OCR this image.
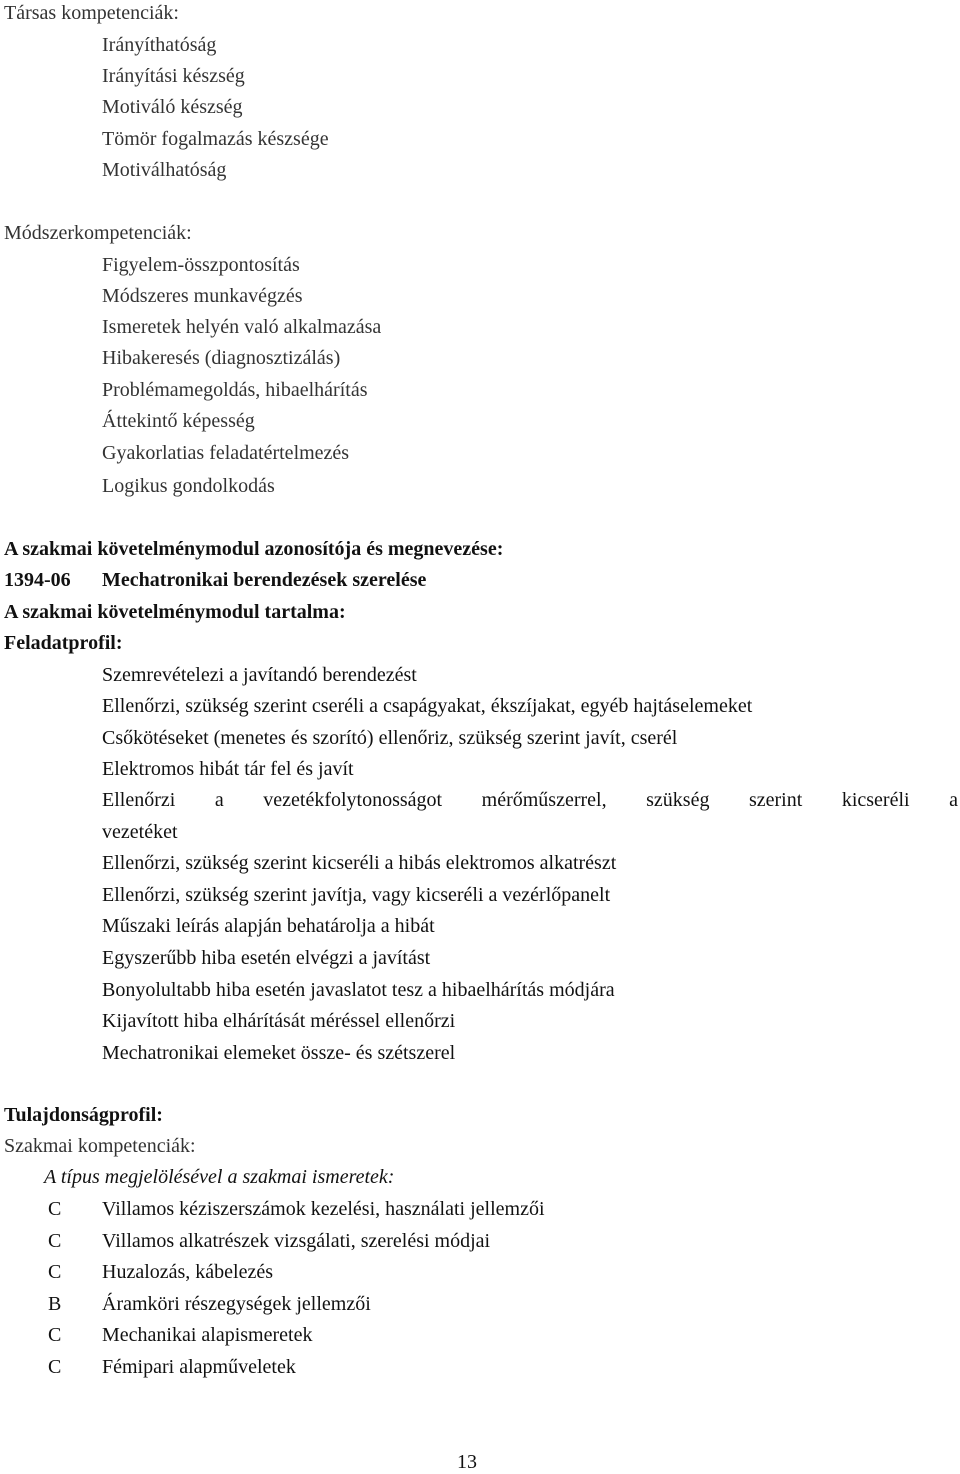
Társas kompetenciák:
Irányíthatóság
Irányítási készség
Motiváló készség
Tömör fogalmazás készsége
Motiválhatóság
Módszerkompetenciák:
Figyelem-összpontosítás
Módszeres munkavégzés
Ismeretek helyén való alkalmazása
Hibakeresés (diagnosztizálás)
Problémamegoldás, hibaelhárítás
Áttekintő képesség
Gyakorlatias feladatértelmezés
Logikus gondolkodás
A szakmai követelménymodul azonosítója és megnevezése:
1394-06 Mechatronikai berendezések szerelése
A szakmai követelménymodul tartalma:
Feladatprofil:
Szemrevételezi a javítandó berendezést
Ellenőrzi, szükség szerint cseréli a csapágyakat, ékszíjakat, egyéb hajtáselemeket
Csőkötéseket (menetes és szorító) ellenőriz, szükség szerint javít, cserél
Elektromos hibát tár fel és javít
Ellenőrzi a vezetékfolytonosságot mérőműszerrel, szükség szerint kicseréli a
vezetéket
Ellenőrzi, szükség szerint kicseréli a hibás elektromos alkatrészt
Ellenőrzi, szükség szerint javítja, vagy kicseréli a vezérlőpanelt
Műszaki leírás alapján behatárolja a hibát
Egyszerűbb hiba esetén elvégzi a javítást
Bonyolultabb hiba esetén javaslatot tesz a hibaelhárítás módjára
Kijavított hiba elhárítását méréssel ellenőrzi
Mechatronikai elemeket össze- és szétszerel
Tulajdonságprofil:
Szakmai kompetenciák:
A típus megjelölésével a szakmai ismeretek:
C Villamos kéziszerszámok kezelési, használati jellemzői
C Villamos alkatrészek vizsgálati, szerelési módjai
C Huzalozás, kábelezés
B Áramköri részegységek jellemzői
C Mechanikai alapismeretek
C Fémipari alapműveletek
13
